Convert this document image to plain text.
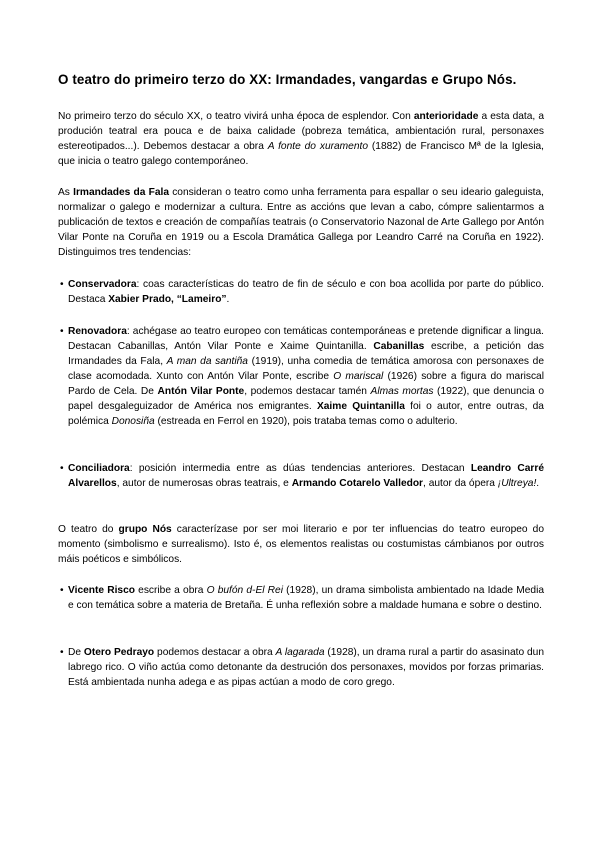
O teatro do primeiro terzo do XX: Irmandades, vangardas e Grupo Nós.

No primeiro terzo do século XX, o teatro vivirá unha época de esplendor. Con anterioridade a esta data, a produción teatral era pouca e de baixa calidade (pobreza temática, ambientación rural, personaxes estereotipados...). Debemos destacar a obra A fonte do xuramento (1882) de Francisco Mª de la Iglesia, que inicia o teatro galego contemporáneo.

As Irmandades da Fala consideran o teatro como unha ferramenta para espallar o seu ideario galeguista, normalizar o galego e modernizar a cultura. Entre as accións que levan a cabo, cómpre salientarmos a publicación de textos e creación de compañías teatrais (o Conservatorio Nazonal de Arte Gallego por Antón Vilar Ponte na Coruña en 1919 ou a Escola Dramática Gallega por Leandro Carré na Coruña en 1922). Distinguimos tres tendencias:

• Conservadora: coas características do teatro de fin de século e con boa acollida por parte do público. Destaca Xabier Prado, “Lameiro”.
• Renovadora: achégase ao teatro europeo con temáticas contemporáneas e pretende dignificar a lingua. Destacan Cabanillas, Antón Vilar Ponte e Xaime Quintanilla. Cabanillas escribe, a petición das Irmandades da Fala, A man da santiña (1919), unha comedia de temática amorosa con personaxes de clase acomodada. Xunto con Antón Vilar Ponte, escribe O mariscal (1926) sobre a figura do mariscal Pardo de Cela. De Antón Vilar Ponte, podemos destacar tamén Almas mortas (1922), que denuncia o papel desgaleguizador de América nos emigrantes. Xaime Quintanilla foi o autor, entre outras, da polémica Donosiña (estreada en Ferrol en 1920), pois trataba temas como o adulterio.
• Conciliadora: posición intermedia entre as dúas tendencias anteriores. Destacan Leandro Carré Alvarellos, autor de numerosas obras teatrais, e Armando Cotarelo Valledor, autor da ópera ¡Ultreya!.

O teatro do grupo Nós caracterízase por ser moi literario e por ter influencias do teatro europeo do momento (simbolismo e surrealismo). Isto é, os elementos realistas ou costumistas cámbianos por outros máis poéticos e simbólicos.

• Vicente Risco escribe a obra O bufón d-El Rei (1928), un drama simbolista ambientado na Idade Media e con temática sobre a materia de Bretaña. É unha reflexión sobre a maldade humana e sobre o destino.
• De Otero Pedrayo podemos destacar a obra A lagarada (1928), un drama rural a partir do asasinato dun labrego rico. O viño actúa como detonante da destrución dos personaxes, movidos por forzas primarias. Está ambientada nunha adega e as pipas actúan a modo de coro grego.
